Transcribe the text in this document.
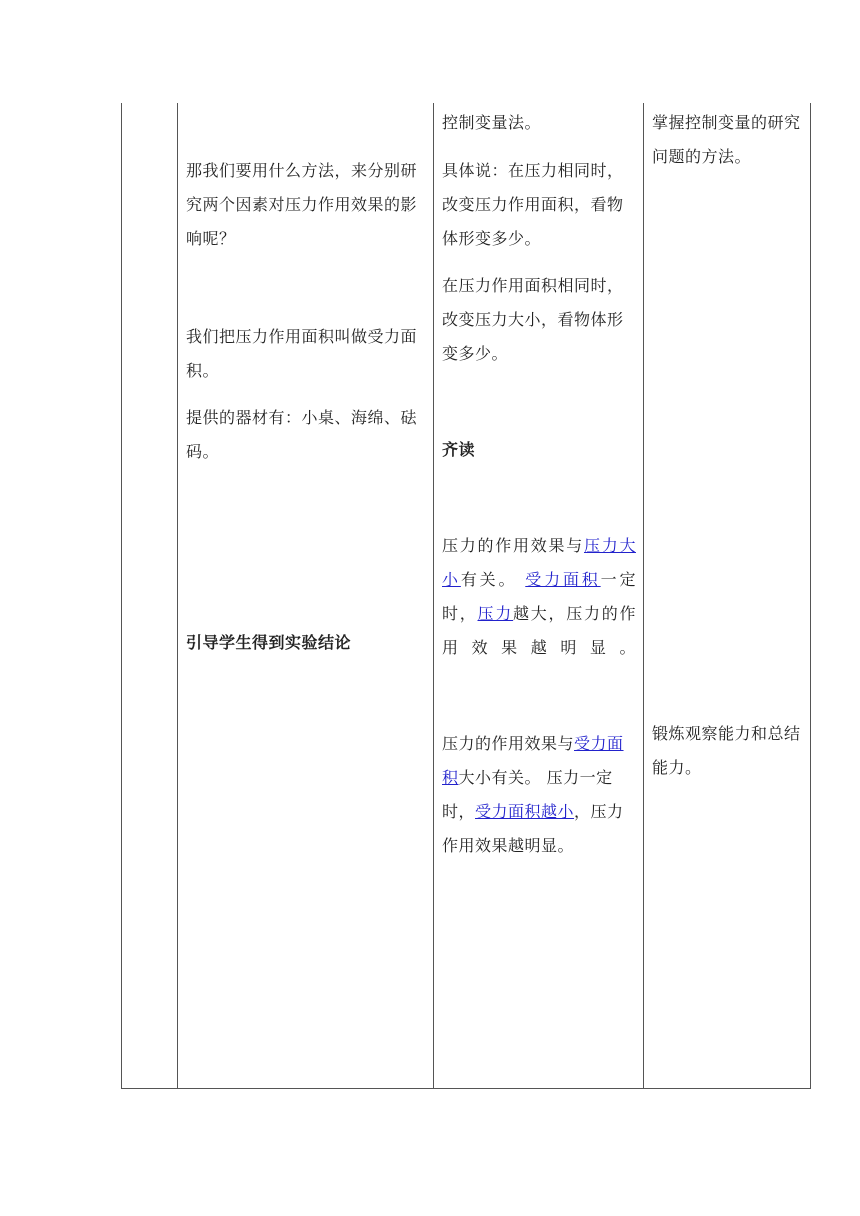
那我们要用什么方法，来分别研究两个因素对压力作用效果的影响呢？

我们把压力作用面积叫做受力面积。

提供的器材有：小桌、海绵、砝码。

引导学生得到实验结论

控制变量法。

具体说：在压力相同时，改变压力作用面积，看物体形变多少。

在压力作用面积相同时，改变压力大小，看物体形变多少。

齐读

压力的作用效果与压力大小有关。 受力面积一定时，压力越大，压力的作用效果越明显。

压力的作用效果与受力面积大小有关。 压力一定时，受力面积越小，压力作用效果越明显。

掌握控制变量的研究问题的方法。

锻炼观察能力和总结能力。
